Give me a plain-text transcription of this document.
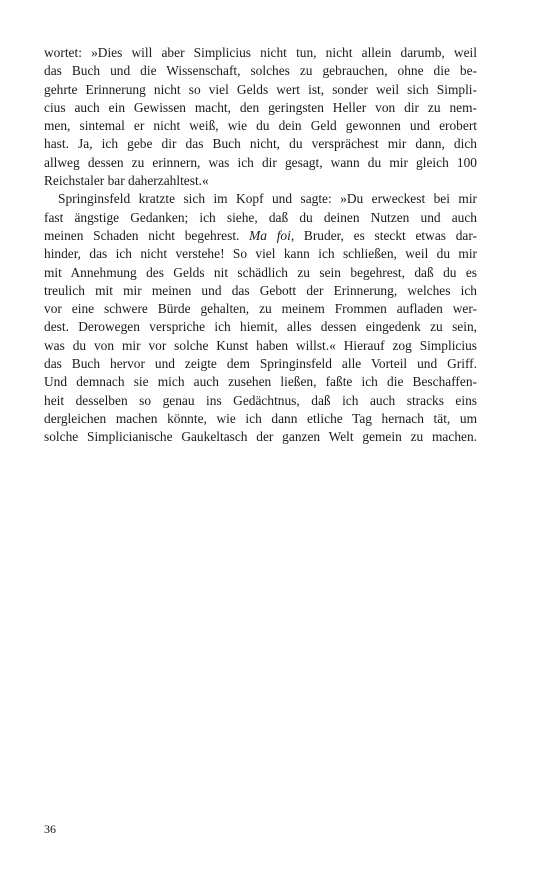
wortet: »Dies will aber Simplicius nicht tun, nicht allein darumb, weil
das Buch und die Wissenschaft, solches zu gebrauchen, ohne die be-
gehrte Erinnerung nicht so viel Gelds wert ist, sonder weil sich Simpli-
cius auch ein Gewissen macht, den geringsten Heller von dir zu nem-
men, sintemal er nicht weiß, wie du dein Geld gewonnen und erobert
hast. Ja, ich gebe dir das Buch nicht, du versprächest mir dann, dich
allweg dessen zu erinnern, was ich dir gesagt, wann du mir gleich 100
Reichstaler bar daherzahltest.«
Springinsfeld kratzte sich im Kopf und sagte: »Du erweckest bei mir
fast ängstige Gedanken; ich siehe, daß du deinen Nutzen und auch
meinen Schaden nicht begehrest. Ma foi, Bruder, es steckt etwas dar-
hinder, das ich nicht verstehe! So viel kann ich schließen, weil du mir
mit Annehmung des Gelds nit schädlich zu sein begehrest, daß du es
treulich mit mir meinen und das Gebott der Erinnerung, welches ich
vor eine schwere Bürde gehalten, zu meinem Frommen aufladen wer-
dest. Derowegen verspriche ich hiemit, alles dessen eingedenk zu sein,
was du von mir vor solche Kunst haben willst.« Hierauf zog Simplicius
das Buch hervor und zeigte dem Springinsfeld alle Vorteil und Griff.
Und demnach sie mich auch zusehen ließen, faßte ich die Beschaffen-
heit desselben so genau ins Gedächtnus, daß ich auch stracks eins
dergleichen machen könnte, wie ich dann etliche Tag hernach tät, um
solche Simplicianische Gaukeltasch der ganzen Welt gemein zu machen.
36
